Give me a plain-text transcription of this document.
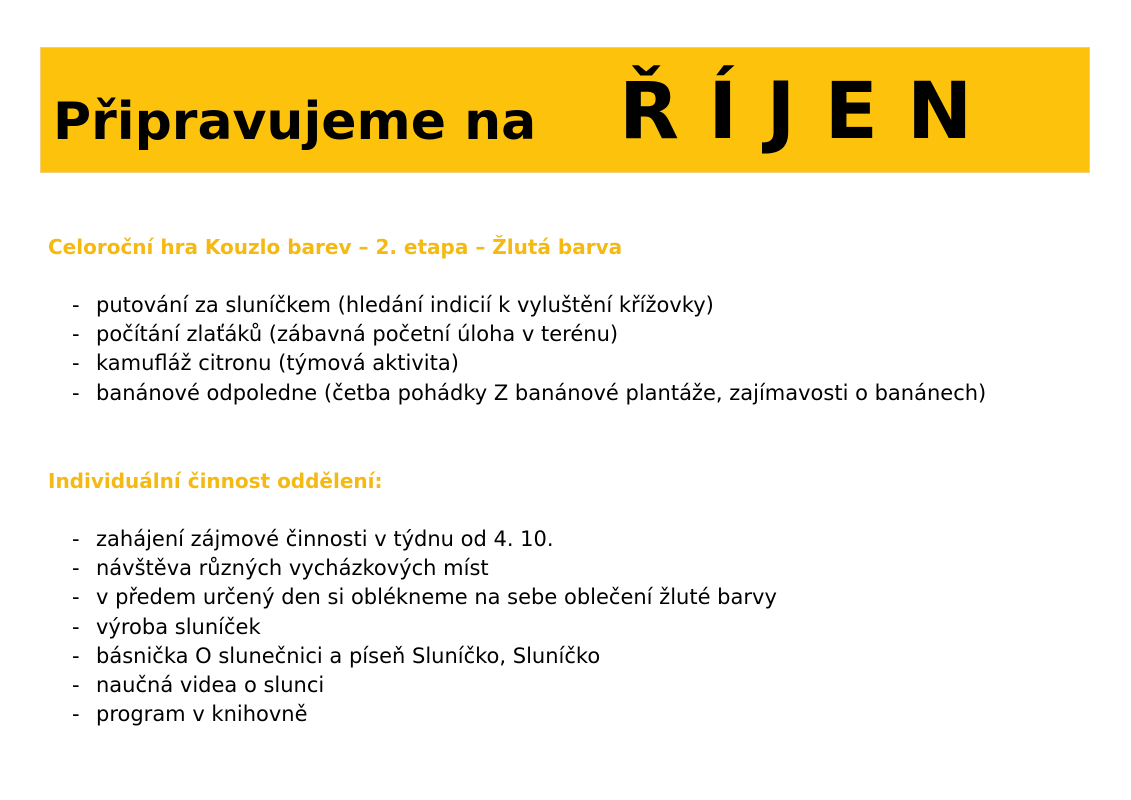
Připravujeme na Ř Í J E N
Celoroční hra Kouzlo barev – 2. etapa – Žlutá barva
- putování za sluníčkem (hledání indicií k vyluštění křížovky)
- počítání zlaťáků (zábavná početní úloha v terénu)
- kamufláž citronu (týmová aktivita)
- banánové odpoledne (četba pohádky Z banánové plantáže, zajímavosti o banánech)
Individuální činnost oddělení:
- zahájení zájmové činnosti v týdnu od 4. 10.
- návštěva různých vycházkových míst
- v předem určený den si oblékneme na sebe oblečení žluté barvy
- výroba sluníček
- básnička O slunečnici a píseň Sluníčko, Sluníčko
- naučná videa o slunci
- program v knihovně
